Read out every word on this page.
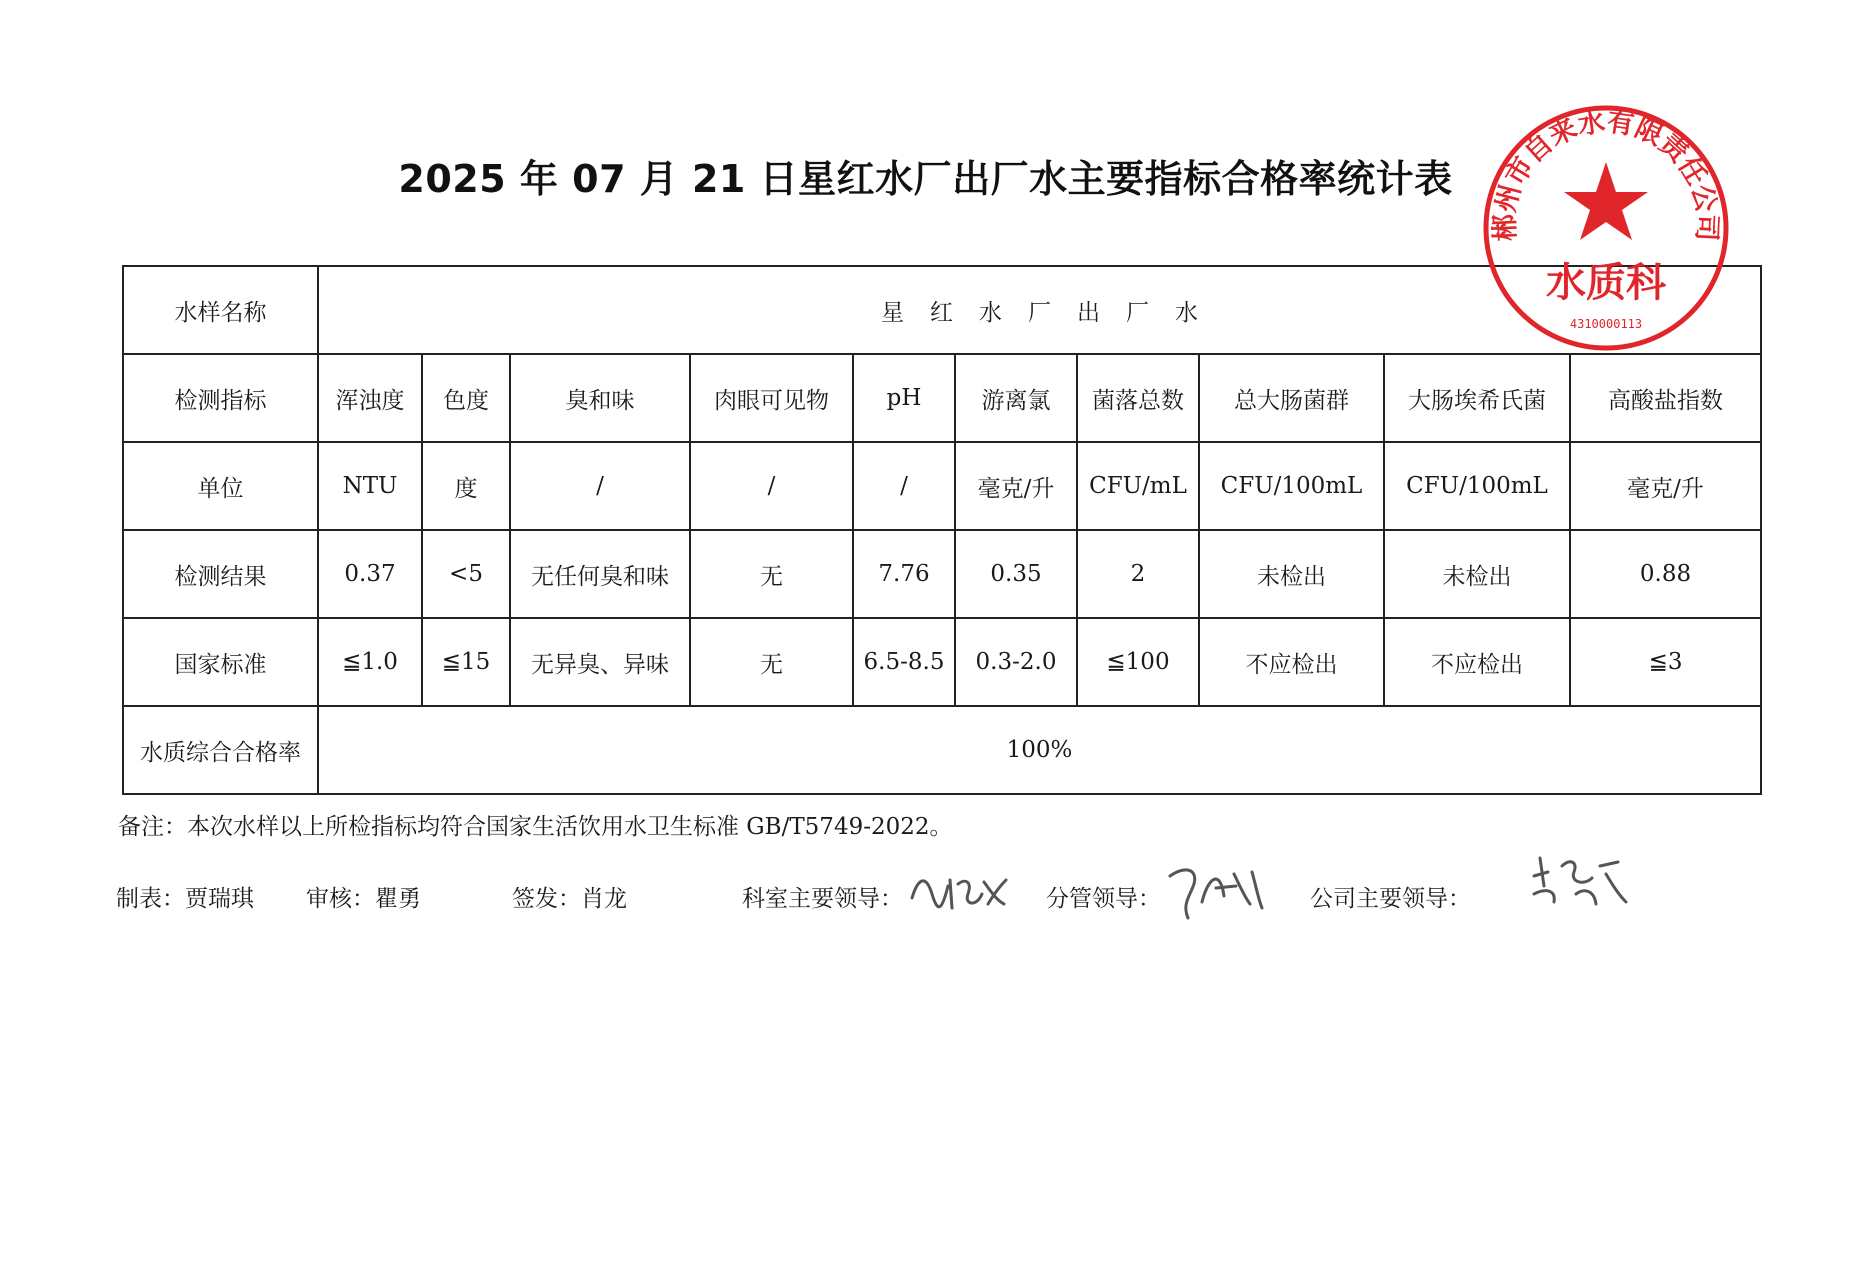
2025 年 07 月 21 日星红水厂出厂水主要指标合格率统计表
水样名称	星红水厂出厂水									
检测指标	浑浊度	色度	臭和味	肉眼可见物	pH	游离氯	菌落总数	总大肠菌群	大肠埃希氏菌	高酸盐指数
单位	NTU	度	/	/	/	毫克/升	CFU/mL	CFU/100mL	CFU/100mL	毫克/升
检测结果	0.37	<5	无任何臭和味	无	7.76	0.35	2	未检出	未检出	0.88
国家标准	≦1.0	≦15	无异臭、异味	无	6.5-8.5	0.3-2.0	≦100	不应检出	不应检出	≦3
水质综合合格率	100%									
郴州市自来水有限责任公司
水质科
4310000113
备注：本次水样以上所检指标均符合国家生活饮用水卫生标准 GB/T5749-2022。
制表：贾瑞琪 审核：瞿勇	签发：肖龙	科室主要领导：	分管领导：	公司主要领导：
